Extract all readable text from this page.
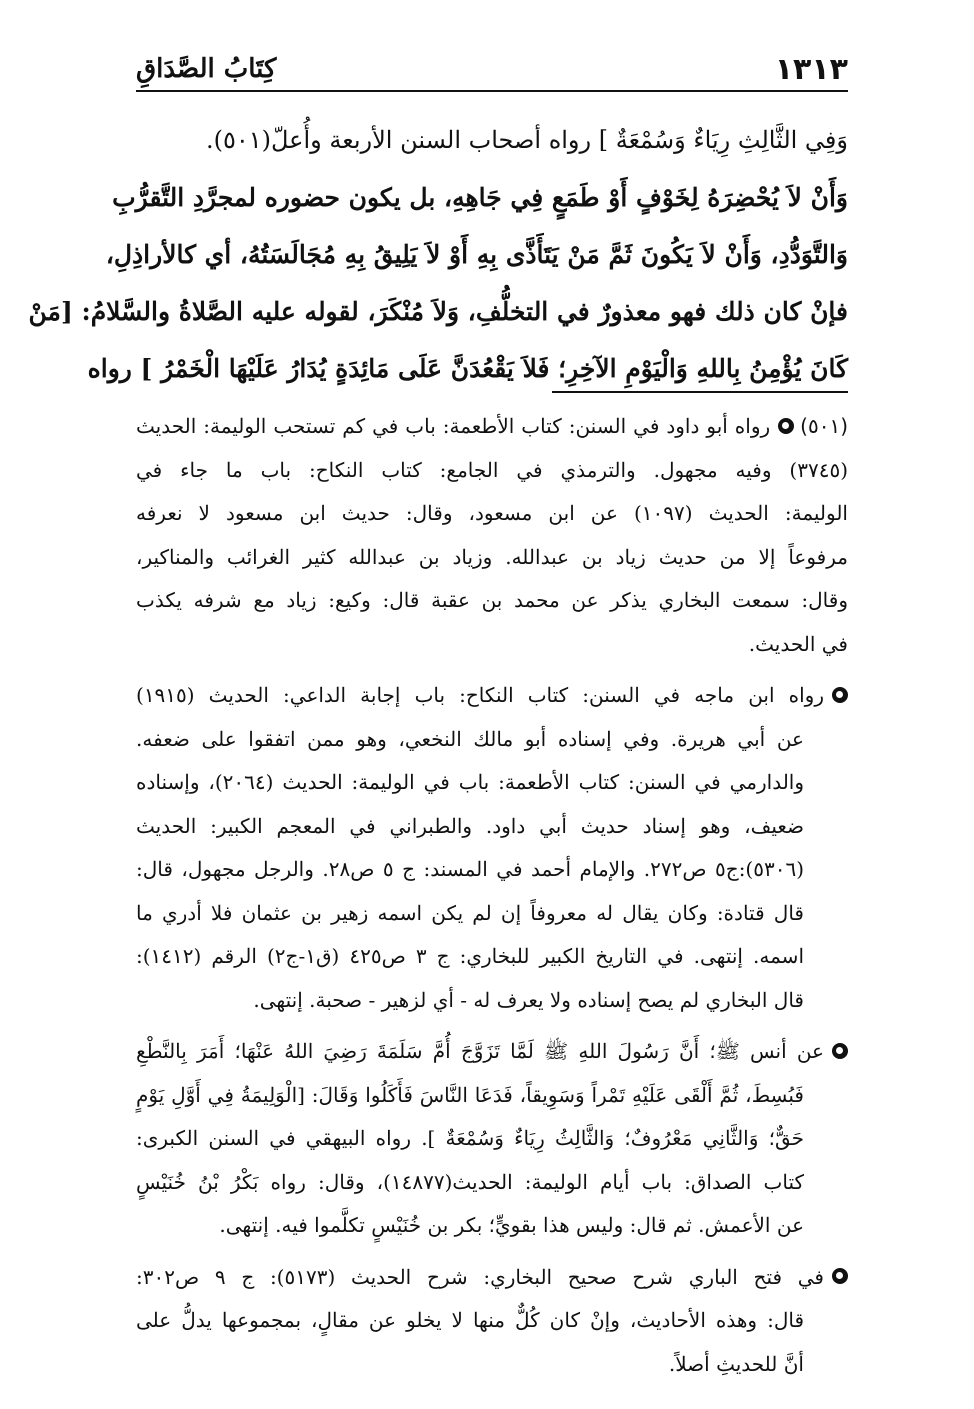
١٣١٣
كِتَابُ الصَّدَاقِ
وَفِي الثَّالِثِ رِيَاءٌ وَسُمْعَةٌ ] رواه أصحاب السنن الأربعة وأُعلّ(٥٠١).
وَأَنْ لاَ يُحْضِرَهُ لِخَوْفٍ أَوْ طَمَعٍ فِي جَاهِهِ، بل يكون حضوره لمجرَّدِ التَّقرُّبِ
وَالتَّوَدُّدِ، وَأَنْ لاَ يَكُونَ ثَمَّ مَنْ يَتَأَذَّى بِهِ أَوْ لاَ يَلِيقُ بِهِ مُجَالَسَتُهُ، أي كالأراذِلِ،
فإنْ كان ذلك فهو معذورٌ في التخلُّفِ، وَلاَ مُنْكَرَ، لقوله عليه الصَّلاةُ والسَّلامُ: [مَنْ
كَانَ يُؤْمِنُ بِاللهِ وَالْيَوْمِ الآخِرِ؛ فَلاَ يَقْعُدَنَّ عَلَى مَائِدَةٍ يُدَارُ عَلَيْهَا الْخَمْرُ ] رواه
(٥٠١)رواه أبو داود في السنن: كتاب الأطعمة: باب في كم تستحب الوليمة: الحديث
(٣٧٤٥) وفيه مجهول. والترمذي في الجامع: كتاب النكاح: باب ما جاء في
الوليمة: الحديث (١٠٩٧) عن ابن مسعود، وقال: حديث ابن مسعود لا نعرفه
مرفوعاً إلا من حديث زياد بن عبدالله. وزياد بن عبدالله كثير الغرائب والمناكير،
وقال: سمعت البخاري يذكر عن محمد بن عقبة قال: وكيع: زياد مع شرفه يكذب
في الحديث.
رواه ابن ماجه في السنن: كتاب النكاح: باب إجابة الداعي: الحديث (١٩١٥)
عن أبي هريرة. وفي إسناده أبو مالك النخعي، وهو ممن اتفقوا على ضعفه.
والدارمي في السنن: كتاب الأطعمة: باب في الوليمة: الحديث (٢٠٦٤)، وإسناده
ضعيف، وهو إسناد حديث أبي داود. والطبراني في المعجم الكبير: الحديث
(٥٣٠٦):ج٥ ص٢٧٢. والإمام أحمد في المسند: ج ٥ ص٢٨. والرجل مجهول، قال:
قال قتادة: وكان يقال له معروفاً إن لم يكن اسمه زهير بن عثمان فلا أدري ما
اسمه. إنتهى. في التاريخ الكبير للبخاري: ج ٣ ص٤٢٥ (ق١-ج٢) الرقم (١٤١٢):
قال البخاري لم يصح إسناده ولا يعرف له - أي لزهير - صحبة. إنتهى.
عن أنس ﷺ؛ أَنَّ رَسُولَ اللهِ ﷺ لَمَّا تَزَوَّجَ أُمَّ سَلَمَةَ رَضِيَ اللهُ عَنْهَا؛ أَمَرَ بِالنَّطْعِ
فَبُسِطَ، ثُمَّ أَلْقَى عَلَيْهِ تَمْراً وَسَوِيقاً، فَدَعَا النَّاسَ فَأَكَلُوا وَقَالَ: [الْوَلِيمَةُ فِي أَوَّلِ يَوْمٍ
حَقٌّ؛ وَالثَّانِي مَعْرُوفٌ؛ وَالثَّالِثُ رِيَاءٌ وَسُمْعَةٌ ]. رواه البيهقي في السنن الكبرى:
كتاب الصداق: باب أيام الوليمة: الحديث(١٤٨٧٧)، وقال: رواه بَكْرُ بْنُ خُنَيْسٍ
عن الأعمش. ثم قال: وليس هذا بقويٍّ؛ بكر بن خُنَيْسٍ تكلَّموا فيه. إنتهى.
في فتح الباري شرح صحيح البخاري: شرح الحديث (٥١٧٣): ج ٩ ص٣٠٢:
قال: وهذه الأحاديث، وإنْ كان كُلٌّ منها لا يخلو عن مقالٍ، بمجموعها يدلُّ على
أنَّ للحديثِ أصلاً.
